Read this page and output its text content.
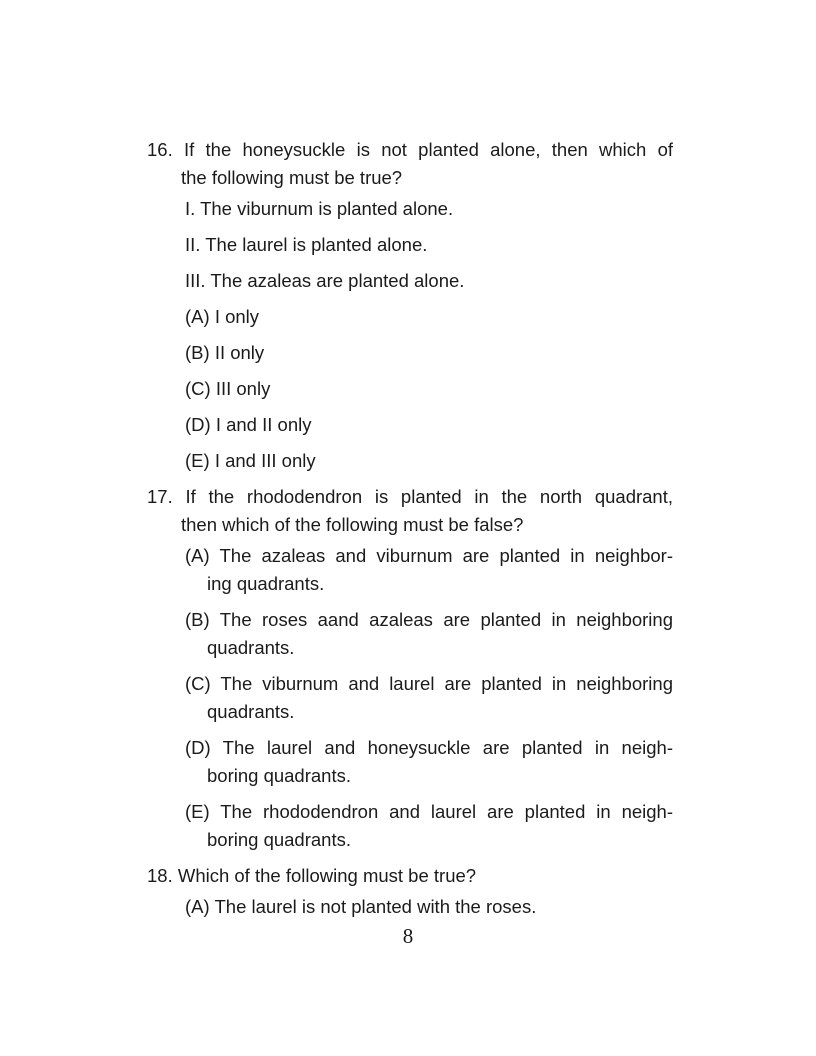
16. If the honeysuckle is not planted alone, then which of
the following must be true?
I. The viburnum is planted alone.
II. The laurel is planted alone.
III. The azaleas are planted alone.
(A) I only
(B) II only
(C) III only
(D) I and II only
(E) I and III only
17. If the rhododendron is planted in the north quadrant,
then which of the following must be false?
(A) The azaleas and viburnum are planted in neighbor-
ing quadrants.
(B) The roses aand azaleas are planted in neighboring
quadrants.
(C) The viburnum and laurel are planted in neighboring
quadrants.
(D) The laurel and honeysuckle are planted in neigh-
boring quadrants.
(E) The rhododendron and laurel are planted in neigh-
boring quadrants.
18. Which of the following must be true?
(A) The laurel is not planted with the roses.
8
